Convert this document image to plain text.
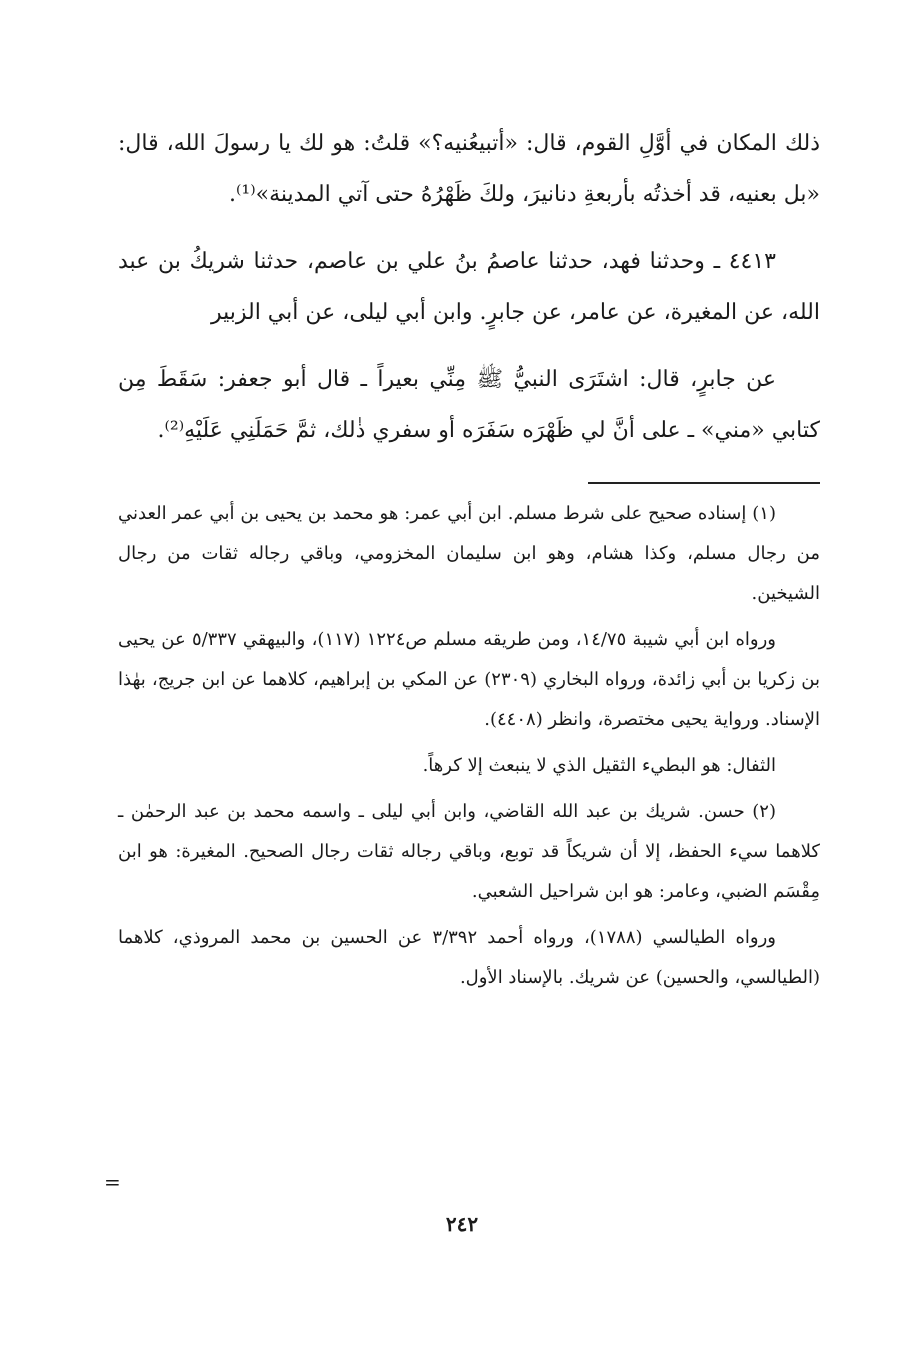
ذلك المكان في أوَّلِ القوم، قال: «أتبيعُنيه؟» قلتُ: هو لك يا رسولَ الله، قال: «بل بعنيه، قد أخذتُه بأربعةِ دنانيرَ، ولكَ ظَهْرُهُ حتى آتي المدينة»⁽¹⁾.

٤٤١٣ ـ وحدثنا فهد، حدثنا عاصمُ بنُ علي بن عاصم، حدثنا شريكُ بن عبد الله، عن المغيرة، عن عامر، عن جابرٍ. وابن أبي ليلى، عن أبي الزبير

عن جابرٍ، قال: اشتَرَى النبيُّ ﷺ مِنِّي بعيراً ـ قال أبو جعفر: سَقَطَ مِن كتابي «مني» ـ على أنَّ لي ظَهْرَه سَفَرَه أو سفري ذٰلك، ثمَّ حَمَلَنِي عَلَيْهِ⁽²⁾.

(١) إسناده صحيح على شرط مسلم. ابن أبي عمر: هو محمد بن يحيى بن أبي عمر العدني من رجال مسلم، وكذا هشام، وهو ابن سليمان المخزومي، وباقي رجاله ثقات من رجال الشيخين.

ورواه ابن أبي شيبة ١٤/٧٥، ومن طريقه مسلم ص١٢٢٤ (١١٧)، والبيهقي ٥/٣٣٧ عن يحيى بن زكريا بن أبي زائدة، ورواه البخاري (٢٣٠٩) عن المكي بن إبراهيم، كلاهما عن ابن جريج، بهٰذا الإسناد. ورواية يحيى مختصرة، وانظر (٤٤٠٨).

الثفال: هو البطيء الثقيل الذي لا ينبعث إلا كرهاً.

(٢) حسن. شريك بن عبد الله القاضي، وابن أبي ليلى ـ واسمه محمد بن عبد الرحمٰن ـ كلاهما سيء الحفظ، إلا أن شريكاً قد توبع، وباقي رجاله ثقات رجال الصحيح. المغيرة: هو ابن مِقْسَم الضبي، وعامر: هو ابن شراحيل الشعبي.

ورواه الطيالسي (١٧٨٨)، ورواه أحمد ٣/٣٩٢ عن الحسين بن محمد المروذي، كلاهما (الطيالسي، والحسين) عن شريك. بالإسناد الأول.

=
٢٤٢
